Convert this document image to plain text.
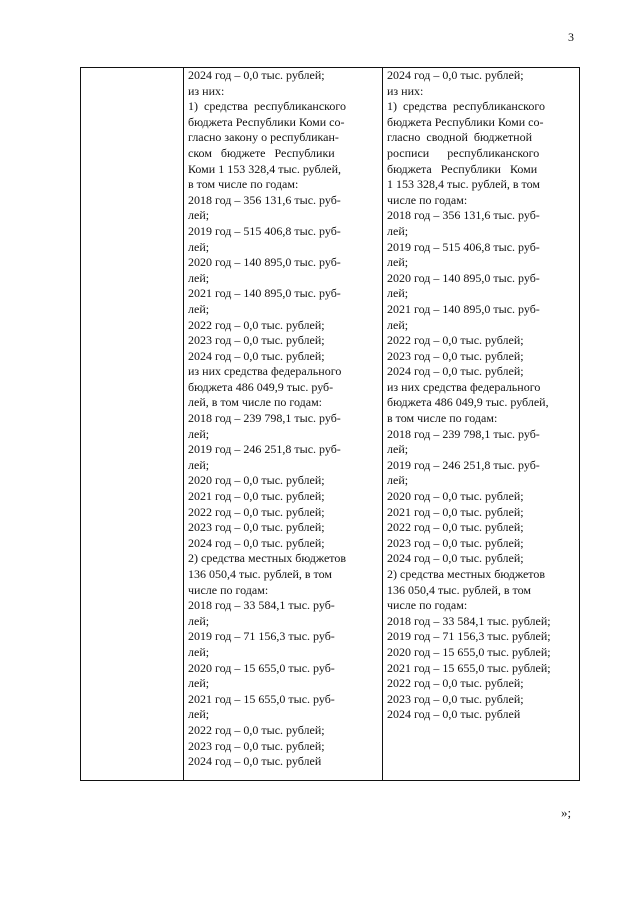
3
2024 год – 0,0 тыс. рублей;
из них:
1)  средства  республиканского
бюджета Республики Коми со-
гласно закону о республикан-
ском   бюджете   Республики
Коми 1 153 328,4 тыс. рублей,
в том числе по годам:
2018 год – 356 131,6 тыс. руб-
лей;
2019 год – 515 406,8 тыс. руб-
лей;
2020 год – 140 895,0 тыс. руб-
лей;
2021 год – 140 895,0 тыс. руб-
лей;
2022 год – 0,0 тыс. рублей;
2023 год – 0,0 тыс. рублей;
2024 год – 0,0 тыс. рублей;
из них средства федерального
бюджета 486 049,9 тыс. руб-
лей, в том числе по годам:
2018 год – 239 798,1 тыс. руб-
лей;
2019 год – 246 251,8 тыс. руб-
лей;
2020 год – 0,0 тыс. рублей;
2021 год – 0,0 тыс. рублей;
2022 год – 0,0 тыс. рублей;
2023 год – 0,0 тыс. рублей;
2024 год – 0,0 тыс. рублей;
2) средства местных бюджетов
136 050,4 тыс. рублей, в том
числе по годам:
2018 год – 33 584,1 тыс. руб-
лей;
2019 год – 71 156,3 тыс. руб-
лей;
2020 год – 15 655,0 тыс. руб-
лей;
2021 год – 15 655,0 тыс. руб-
лей;
2022 год – 0,0 тыс. рублей;
2023 год – 0,0 тыс. рублей;
2024 год – 0,0 тыс. рублей
2024 год – 0,0 тыс. рублей;
из них:
1)  средства  республиканского
бюджета Республики Коми со-
гласно  сводной  бюджетной
росписи      республиканского
бюджета   Республики   Коми
1 153 328,4 тыс. рублей, в том
числе по годам:
2018 год – 356 131,6 тыс. руб-
лей;
2019 год – 515 406,8 тыс. руб-
лей;
2020 год – 140 895,0 тыс. руб-
лей;
2021 год – 140 895,0 тыс. руб-
лей;
2022 год – 0,0 тыс. рублей;
2023 год – 0,0 тыс. рублей;
2024 год – 0,0 тыс. рублей;
из них средства федерального
бюджета 486 049,9 тыс. рублей,
в том числе по годам:
2018 год – 239 798,1 тыс. руб-
лей;
2019 год – 246 251,8 тыс. руб-
лей;
2020 год – 0,0 тыс. рублей;
2021 год – 0,0 тыс. рублей;
2022 год – 0,0 тыс. рублей;
2023 год – 0,0 тыс. рублей;
2024 год – 0,0 тыс. рублей;
2) средства местных бюджетов
136 050,4 тыс. рублей, в том
числе по годам:
2018 год – 33 584,1 тыс. рублей;
2019 год – 71 156,3 тыс. рублей;
2020 год – 15 655,0 тыс. рублей;
2021 год – 15 655,0 тыс. рублей;
2022 год – 0,0 тыс. рублей;
2023 год – 0,0 тыс. рублей;
2024 год – 0,0 тыс. рублей
»;
